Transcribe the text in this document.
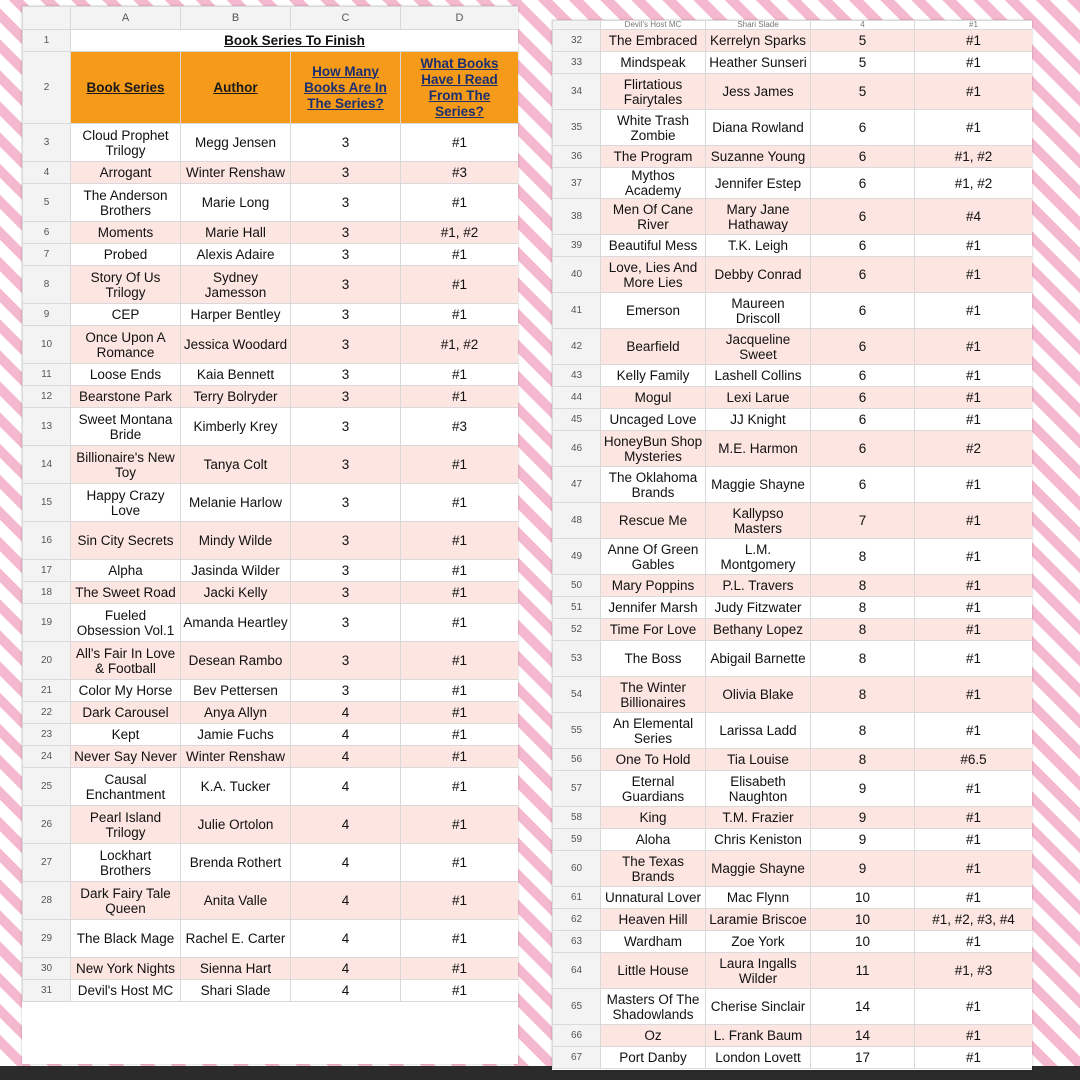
	A	B	C	D
1	Book Series To Finish			
2	Book Series	Author	How Many Books Are In The Series?	What Books Have I Read From The Series?
3	Cloud Prophet Trilogy	Megg Jensen	3	#1
4	Arrogant	Winter Renshaw	3	#3
5	The Anderson Brothers	Marie Long	3	#1
6	Moments	Marie Hall	3	#1, #2
7	Probed	Alexis Adaire	3	#1
8	Story Of Us Trilogy	Sydney Jamesson	3	#1
9	CEP	Harper Bentley	3	#1
10	Once Upon A Romance	Jessica Woodard	3	#1, #2
11	Loose Ends	Kaia Bennett	3	#1
12	Bearstone Park	Terry Bolryder	3	#1
13	Sweet Montana Bride	Kimberly Krey	3	#3
14	Billionaire's New Toy	Tanya Colt	3	#1
15	Happy Crazy Love	Melanie Harlow	3	#1
16	Sin City Secrets	Mindy Wilde	3	#1
17	Alpha	Jasinda Wilder	3	#1
18	The Sweet Road	Jacki Kelly	3	#1
19	Fueled Obsession Vol.1	Amanda Heartley	3	#1
20	All's Fair In Love & Football	Desean Rambo	3	#1
21	Color My Horse	Bev Pettersen	3	#1
22	Dark Carousel	Anya Allyn	4	#1
23	Kept	Jamie Fuchs	4	#1
24	Never Say Never	Winter Renshaw	4	#1
25	Causal Enchantment	K.A. Tucker	4	#1
26	Pearl Island Trilogy	Julie Ortolon	4	#1
27	Lockhart Brothers	Brenda Rothert	4	#1
28	Dark Fairy Tale Queen	Anita Valle	4	#1
29	The Black Mage	Rachel E. Carter	4	#1
30	New York Nights	Sienna Hart	4	#1
31	Devil's Host MC	Shari Slade	4	#1
	Devil's Host MC	Shari Slade	4	#1
32	The Embraced	Kerrelyn Sparks	5	#1
33	Mindspeak	Heather Sunseri	5	#1
34	Flirtatious Fairytales	Jess James	5	#1
35	White Trash Zombie	Diana Rowland	6	#1
36	The Program	Suzanne Young	6	#1, #2
37	Mythos Academy	Jennifer Estep	6	#1, #2
38	Men Of Cane River	Mary Jane Hathaway	6	#4
39	Beautiful Mess	T.K. Leigh	6	#1
40	Love, Lies And More Lies	Debby Conrad	6	#1
41	Emerson	Maureen Driscoll	6	#1
42	Bearfield	Jacqueline Sweet	6	#1
43	Kelly Family	Lashell Collins	6	#1
44	Mogul	Lexi Larue	6	#1
45	Uncaged Love	JJ Knight	6	#1
46	HoneyBun Shop Mysteries	M.E. Harmon	6	#2
47	The Oklahoma Brands	Maggie Shayne	6	#1
48	Rescue Me	Kallypso Masters	7	#1
49	Anne Of Green Gables	L.M. Montgomery	8	#1
50	Mary Poppins	P.L. Travers	8	#1
51	Jennifer Marsh	Judy Fitzwater	8	#1
52	Time For Love	Bethany Lopez	8	#1
53	The Boss	Abigail Barnette	8	#1
54	The Winter Billionaires	Olivia Blake	8	#1
55	An Elemental Series	Larissa Ladd	8	#1
56	One To Hold	Tia Louise	8	#6.5
57	Eternal Guardians	Elisabeth Naughton	9	#1
58	King	T.M. Frazier	9	#1
59	Aloha	Chris Keniston	9	#1
60	The Texas Brands	Maggie Shayne	9	#1
61	Unnatural Lover	Mac Flynn	10	#1
62	Heaven Hill	Laramie Briscoe	10	#1, #2, #3, #4
63	Wardham	Zoe York	10	#1
64	Little House	Laura Ingalls Wilder	11	#1, #3
65	Masters Of The Shadowlands	Cherise Sinclair	14	#1
66	Oz	L. Frank Baum	14	#1
67	Port Danby	London Lovett	17	#1
